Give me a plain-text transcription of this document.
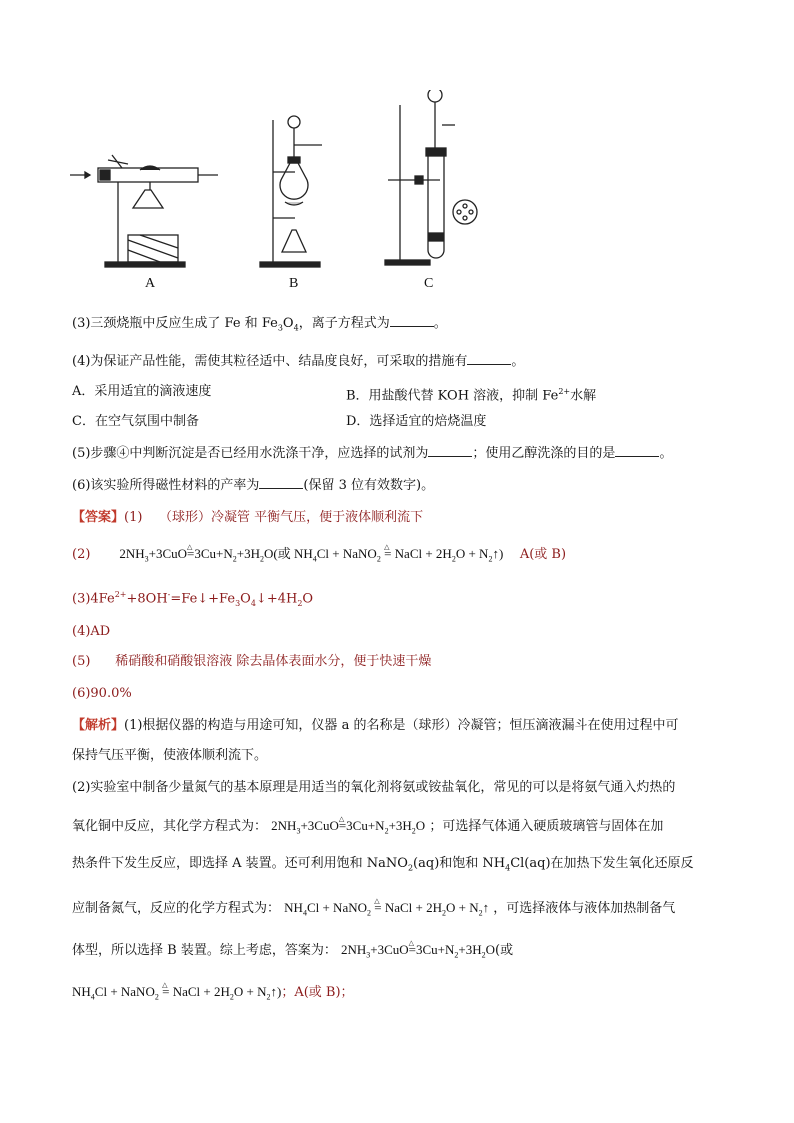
A	B	C
(3)三颈烧瓶中反应生成了 Fe 和 $Fe_3O_4$，离子方程式为	。
(4)为保证产品性能，需使其粒径适中、结晶度良好，可采取的措施有	。
A．采用适宜的滴液速度	B．用盐酸代替 KOH 溶液，抑制 $Fe^{2+}$水解
C．在空气氛围中制备	D．选择适宜的焙烧温度
(5)步骤④中判断沉淀是否已经用水洗涤干净，应选择的试剂为	；使用乙醇洗涤的目的是	。
(6)该实验所得磁性材料的产率为	(保留 3 位有效数字)。
【答案】(1) （球形）冷凝管 平衡气压，便于液体顺利流下
(2) $2NH_3+3CuO\triangle =3Cu+N_2+3H_2O$(或 $NH_4Cl$ + NaNO$_2$ △ = NaCl + $2H_2O$ + $N_2↑$) A(或 B)
$(3)4Fe^{2+}+8OH^-=Fe↓+Fe_3O_4↓+4H_2O$
(4)AD
(5) 稀硝酸和硝酸银溶液 除去晶体表面水分，便于快速干燥
(6)90.0%
【解析】(1)根据仪器的构造与用途可知，仪器 a 的名称是（球形）冷凝管；恒压滴液漏斗在使用过程中可
保持气压平衡，使液体顺利流下。
(2)实验室中制备少量氮气的基本原理是用适当的氧化剂将氨或铵盐氧化，常见的可以是将氨气通入灼热的
氧化铜中反应，其化学方程式为： $2NH_3+3CuO\triangle =3Cu+N_2+3H_2O$ ；可选择气体通入硬质玻璃管与固体在加
热条件下发生反应，即选择 A 装置。还可利用饱和 NaNO$_2$(aq)和饱和 $NH_4Cl(aq)$在加热下发生氧化还原反
应制备氮气，反应的化学方程式为： $NH_4Cl$ + NaNO$_2$ △ = NaCl + $2H_2O$ + $N_2↑$ ，可选择液体与液体加热制备气
体型，所以选择 B 装置。综上考虑，答案为： $2NH_3+3CuO\triangle =3Cu+N_2+3H_2O$(或
$NH_4Cl$ + NaNO$_2$ △ = NaCl + $2H_2O$ + $N_2↑$)；A(或 B)；
